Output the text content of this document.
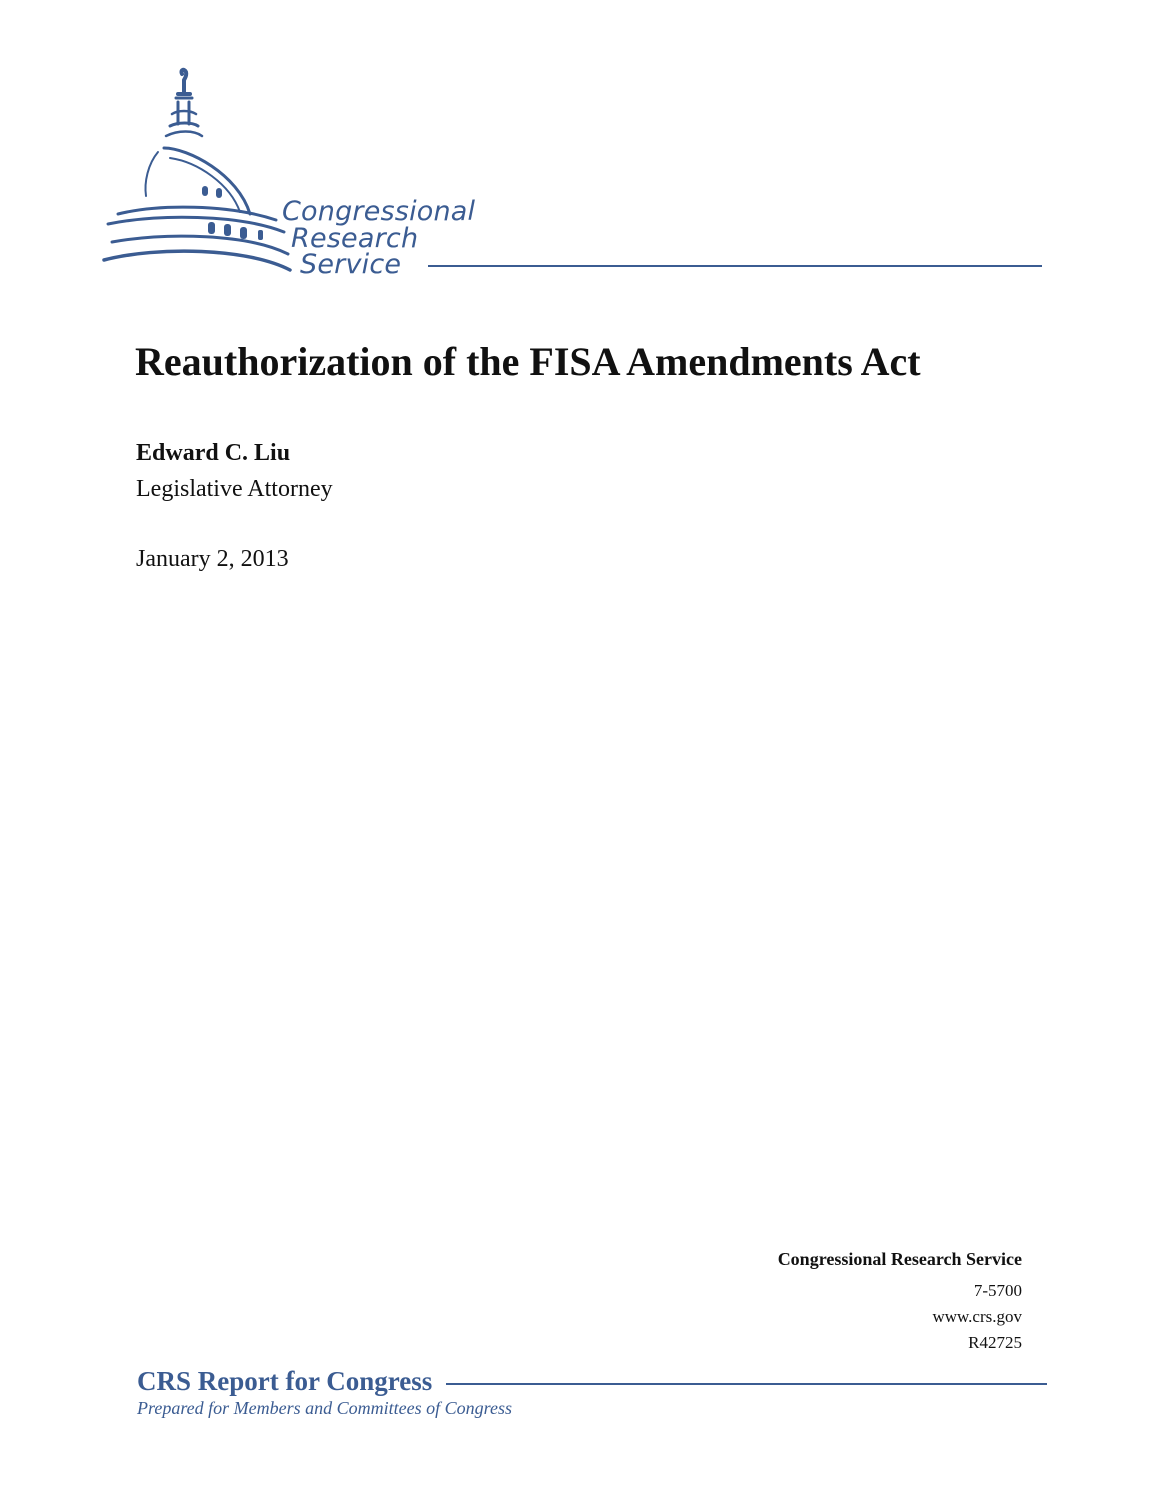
Congressional
Research
Service
Reauthorization of the FISA Amendments Act
Edward C. Liu
Legislative Attorney
January 2, 2013
Congressional Research Service
7-5700
www.crs.gov
R42725
CRS Report for Congress
Prepared for Members and Committees of Congress
